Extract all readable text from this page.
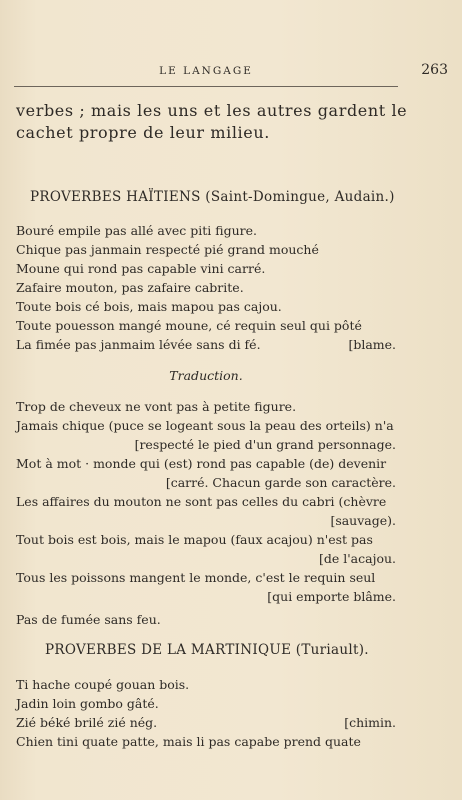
LE LANGAGE	263
verbes ; mais les uns et les autres gardent le
cachet propre de leur milieu.
PROVERBES HAÏTIENS (Saint-Domingue, Audain.)
Bouré empile pas allé avec piti figure.
Chique pas janmain respecté pié grand mouché
Moune qui rond pas capable vini carré.
Zafaire mouton, pas zafaire cabrite.
Toute bois cé bois, mais mapou pas cajou.
Toute pouesson mangé moune, cé requin seul qui pôté
La fimée pas janmaim lévée sans di fé.	[blame.
Traduction.
Trop de cheveux ne vont pas à petite figure.
Jamais chique (puce se logeant sous la peau des orteils) n'a
[respecté le pied d'un grand personnage.
Mot à mot · monde qui (est) rond pas capable (de) devenir
[carré. Chacun garde son caractère.
Les affaires du mouton ne sont pas celles du cabri (chèvre
[sauvage).
Tout bois est bois, mais le mapou (faux acajou) n'est pas
[de l'acajou.
Tous les poissons mangent le monde, c'est le requin seul
[qui emporte blâme.
Pas de fumée sans feu.
PROVERBES DE LA MARTINIQUE (Turiault).
Ti hache coupé gouan bois.
Jadin loin gombo gâté.
Zié béké brilé zié nég.	[chimin.
Chien tini quate patte, mais li pas capabe prend quate
